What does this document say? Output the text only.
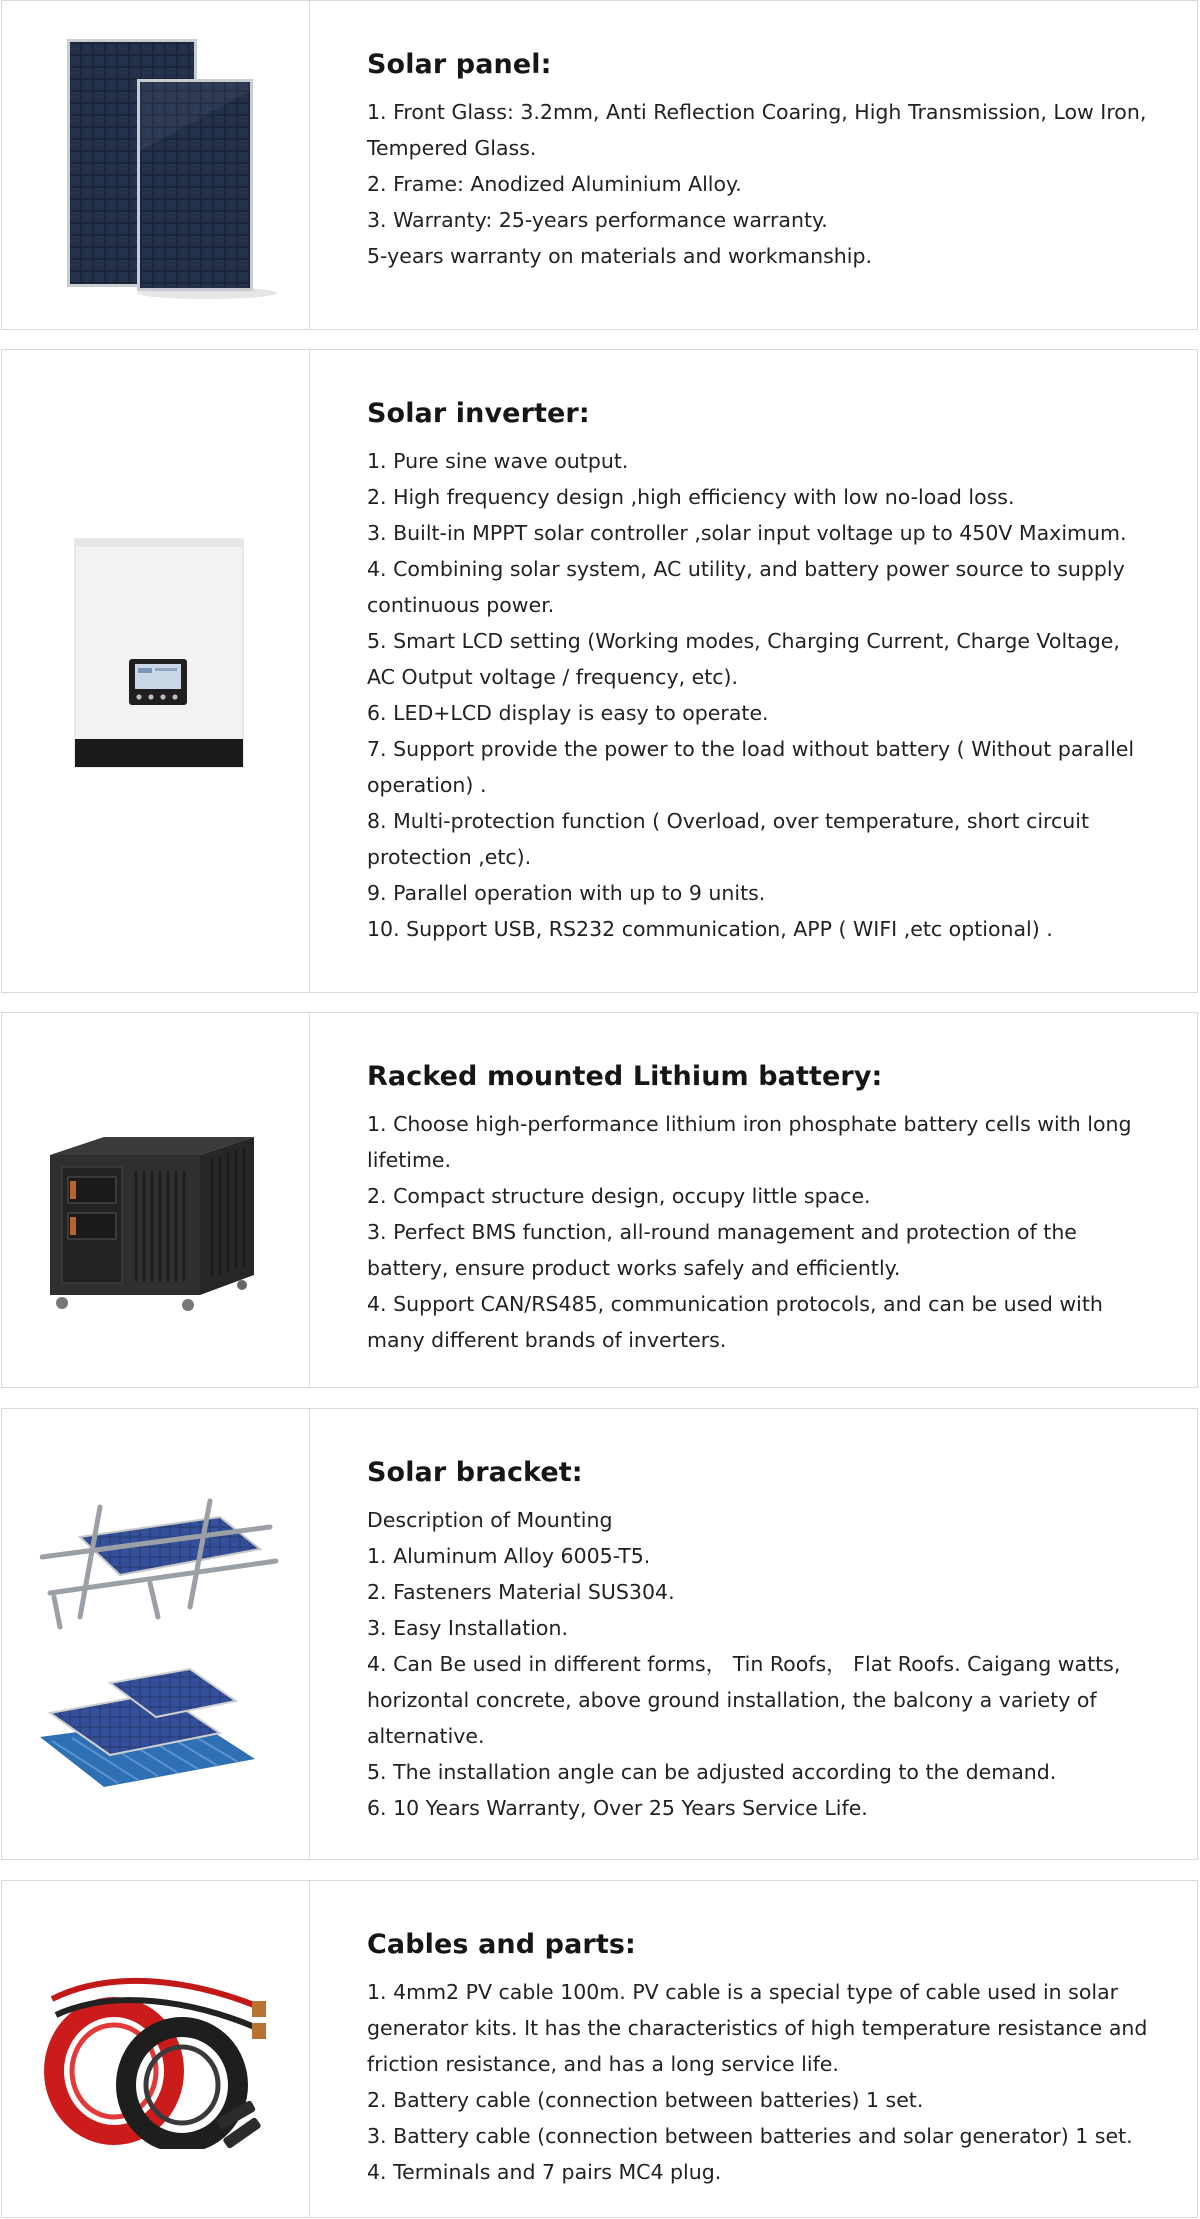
Solar panel:
1. Front Glass: 3.2mm, Anti Reflection Coaring, High Transmission, Low Iron,
Tempered Glass.
2. Frame: Anodized Aluminium Alloy.
3. Warranty: 25-years performance warranty.
5-years warranty on materials and workmanship.
Solar inverter:
1. Pure sine wave output.
2. High frequency design ,high efficiency with low no-load loss.
3. Built-in MPPT solar controller ,solar input voltage up to 450V Maximum.
4. Combining solar system, AC utility, and battery power source to supply
continuous power.
5. Smart LCD setting (Working modes, Charging Current, Charge Voltage,
AC Output voltage / frequency, etc).
6. LED+LCD display is easy to operate.
7. Support provide the power to the load without battery ( Without parallel
operation) .
8. Multi-protection function ( Overload, over temperature, short circuit
protection ,etc).
9. Parallel operation with up to 9 units.
10. Support USB, RS232 communication, APP ( WIFI ,etc optional) .
Racked mounted Lithium battery:
1. Choose high-performance lithium iron phosphate battery cells with long
lifetime.
2. Compact structure design, occupy little space.
3. Perfect BMS function, all-round management and protection of the
battery, ensure product works safely and efficiently.
4. Support CAN/RS485, communication protocols, and can be used with
many different brands of inverters.
Solar bracket:
Description of Mounting
1. Aluminum Alloy 6005-T5.
2. Fasteners Material SUS304.
3. Easy Installation.
4. Can Be used in different forms， Tin Roofs， Flat Roofs. Caigang watts,
horizontal concrete, above ground installation, the balcony a variety of
alternative.
5. The installation angle can be adjusted according to the demand.
6. 10 Years Warranty, Over 25 Years Service Life.
Cables and parts:
1. 4mm2 PV cable 100m. PV cable is a special type of cable used in solar
generator kits. It has the characteristics of high temperature resistance and
friction resistance, and has a long service life.
2. Battery cable (connection between batteries) 1 set.
3. Battery cable (connection between batteries and solar generator) 1 set.
4. Terminals and 7 pairs MC4 plug.
